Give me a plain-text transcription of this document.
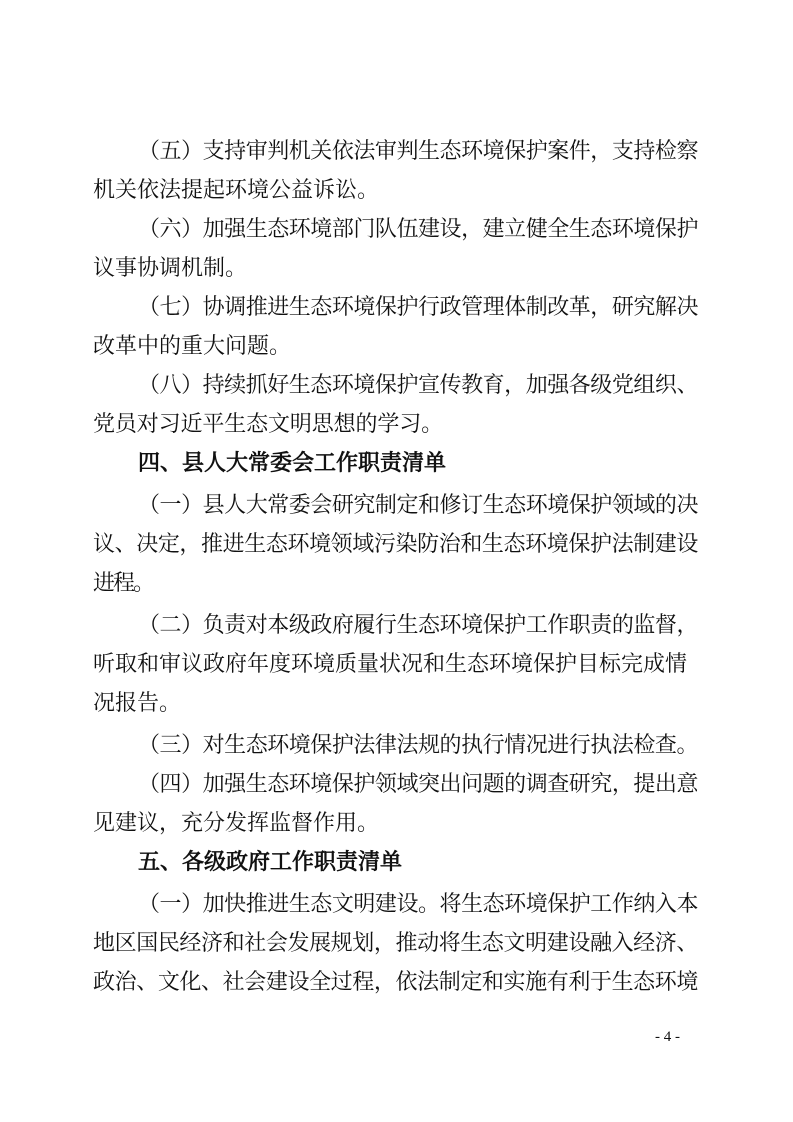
（五）支持审判机关依法审判生态环境保护案件，支持检察
机关依法提起环境公益诉讼。
（六）加强生态环境部门队伍建设，建立健全生态环境保护
议事协调机制。
（七）协调推进生态环境保护行政管理体制改革，研究解决
改革中的重大问题。
（八）持续抓好生态环境保护宣传教育，加强各级党组织、
党员对习近平生态文明思想的学习。
四、县人大常委会工作职责清单
（一）县人大常委会研究制定和修订生态环境保护领域的决
议、决定，推进生态环境领域污染防治和生态环境保护法制建设
进程。
（二）负责对本级政府履行生态环境保护工作职责的监督，
听取和审议政府年度环境质量状况和生态环境保护目标完成情
况报告。
（三）对生态环境保护法律法规的执行情况进行执法检查。
（四）加强生态环境保护领域突出问题的调查研究，提出意
见建议，充分发挥监督作用。
五、各级政府工作职责清单
（一）加快推进生态文明建设。将生态环境保护工作纳入本
地区国民经济和社会发展规划，推动将生态文明建设融入经济、
政治、文化、社会建设全过程，依法制定和实施有利于生态环境
- 4 -
